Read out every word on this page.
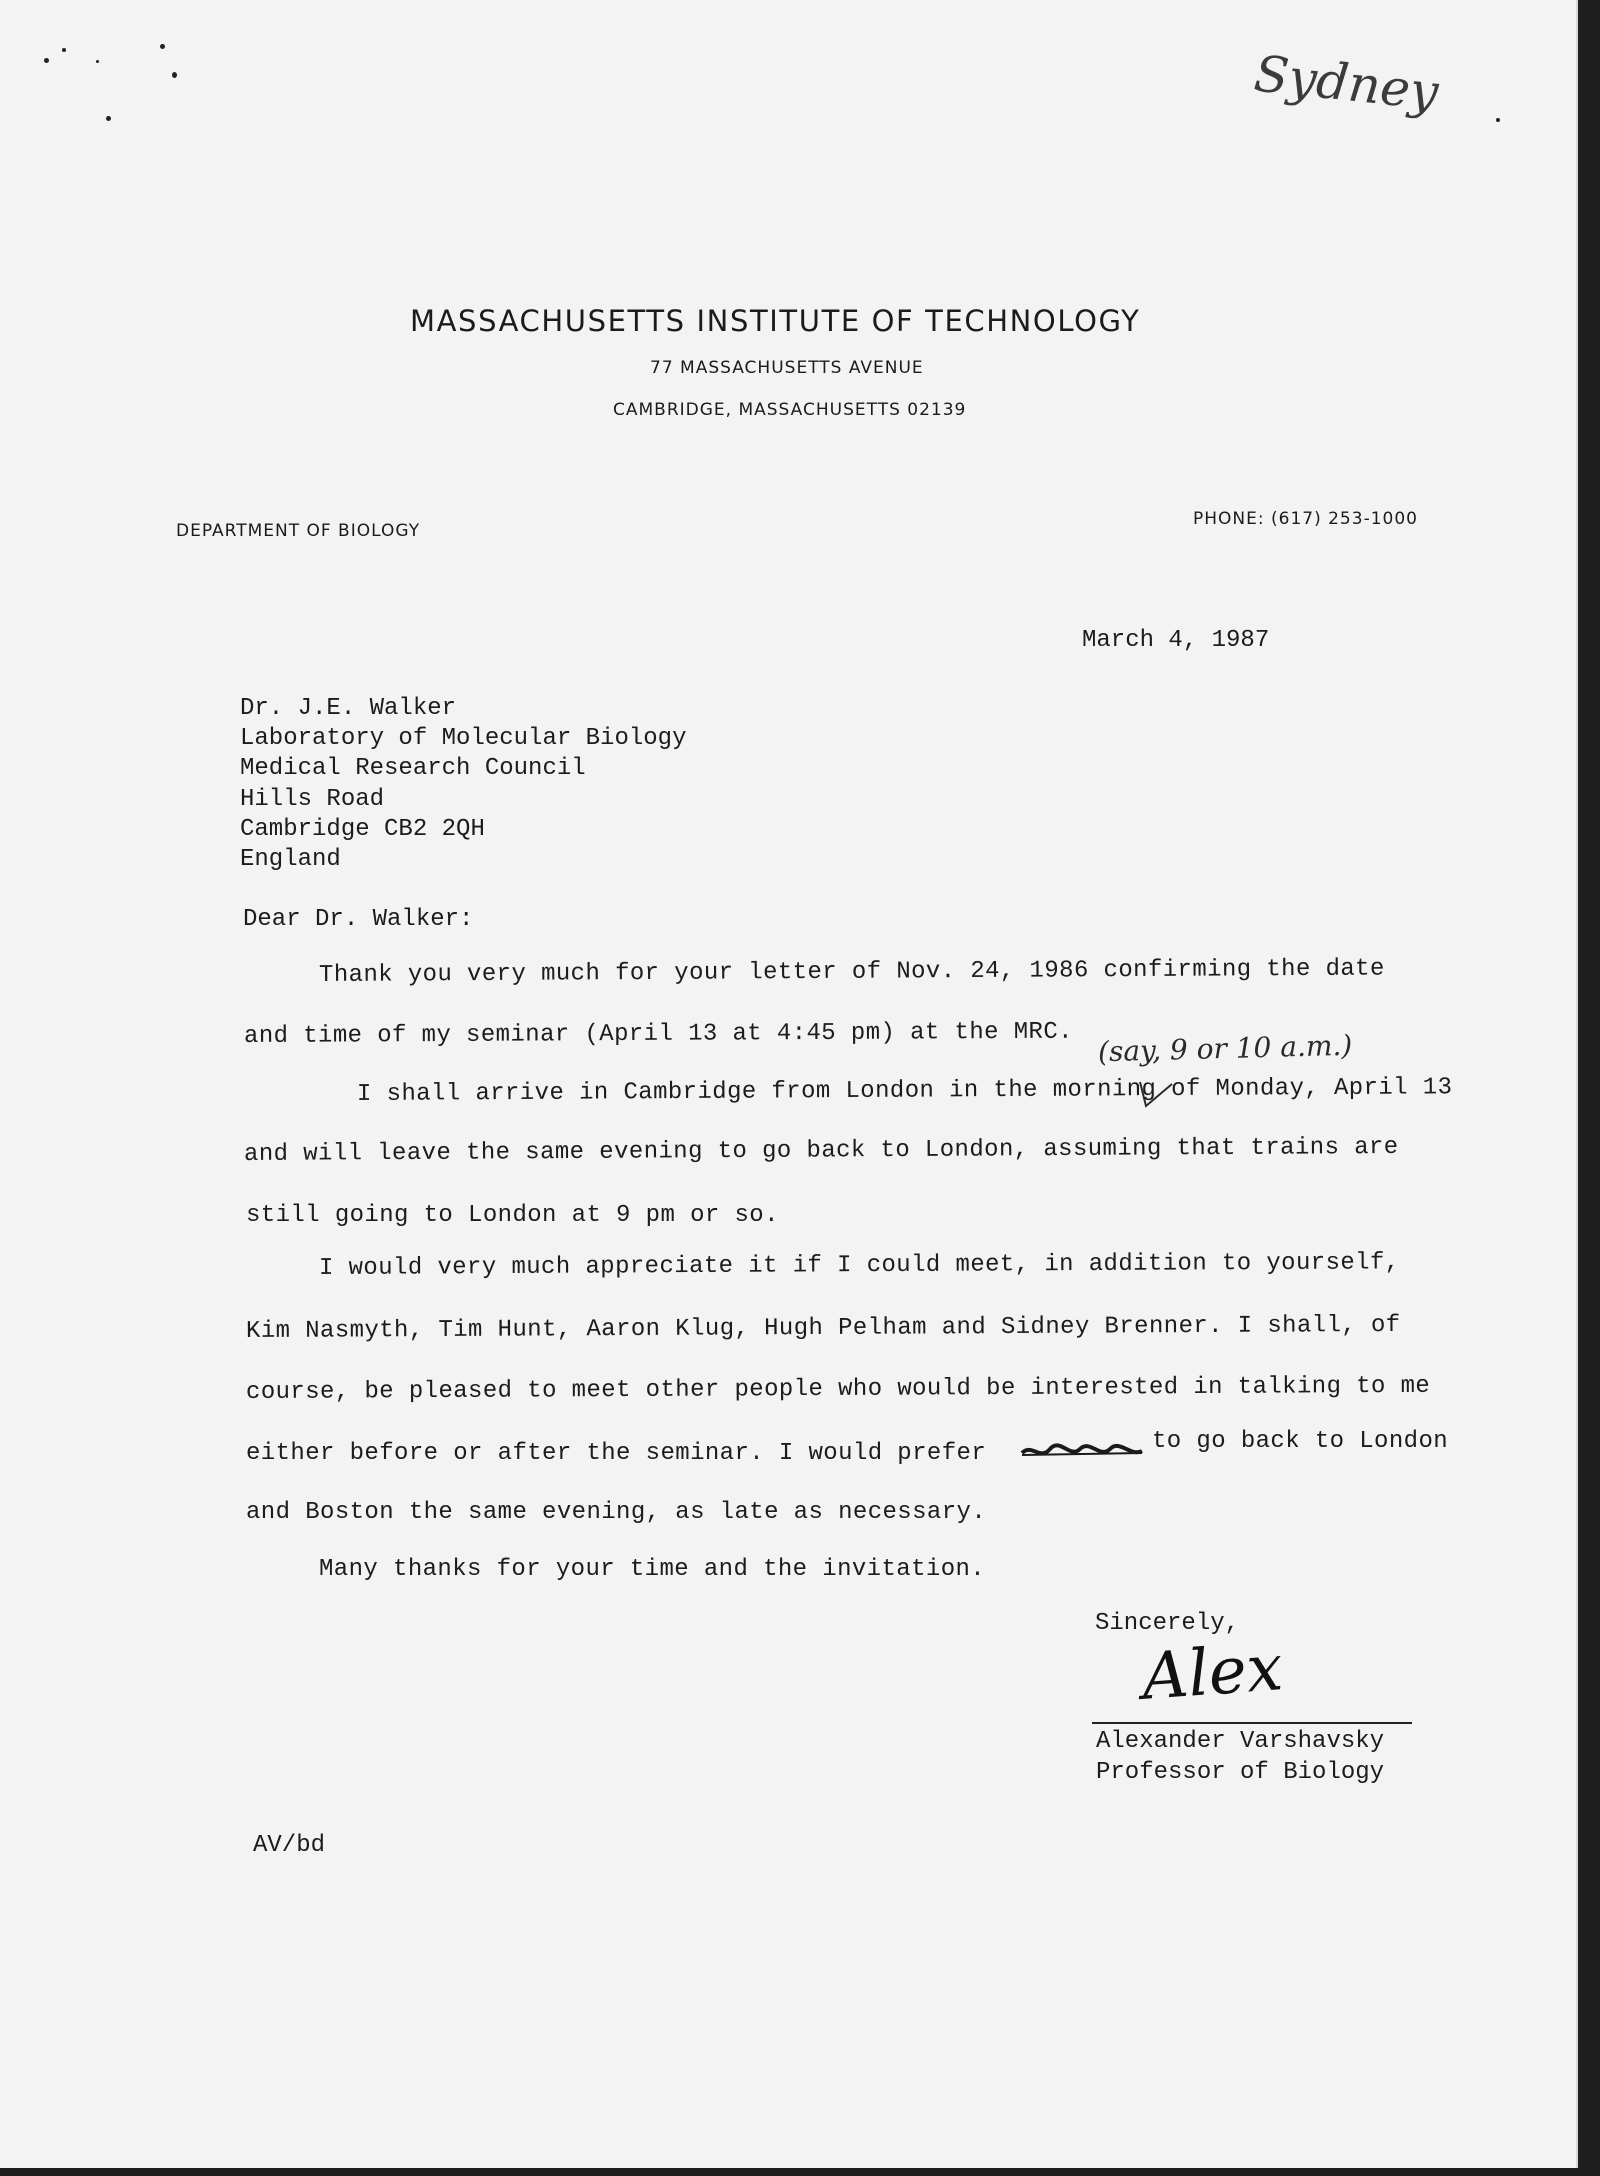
Sydney
MASSACHUSETTS INSTITUTE OF TECHNOLOGY
77 MASSACHUSETTS AVENUE
CAMBRIDGE, MASSACHUSETTS 02139
DEPARTMENT OF BIOLOGY
PHONE: (617) 253-1000
March 4, 1987
Dr. J.E. Walker
Laboratory of Molecular Biology
Medical Research Council
Hills Road
Cambridge CB2 2QH
England
Dear Dr. Walker:
Thank you very much for your letter of Nov. 24, 1986 confirming the date
and time of my seminar (April 13 at 4:45 pm) at the MRC. (say, 9 or 10 a.m.)
I shall arrive in Cambridge from London in the morning of Monday, April 13
and will leave the same evening to go back to London, assuming that trains are
still going to London at 9 pm or so.
I would very much appreciate it if I could meet, in addition to yourself,
Kim Nasmyth, Tim Hunt, Aaron Klug, Hugh Pelham and Sidney Brenner. I shall, of
course, be pleased to meet other people who would be interested in talking to me
either before or after the seminar. I would prefer	to go back to London
and Boston the same evening, as late as necessary.
Many thanks for your time and the invitation.
Sincerely,
Alex
Alexander Varshavsky
Professor of Biology
AV/bd
